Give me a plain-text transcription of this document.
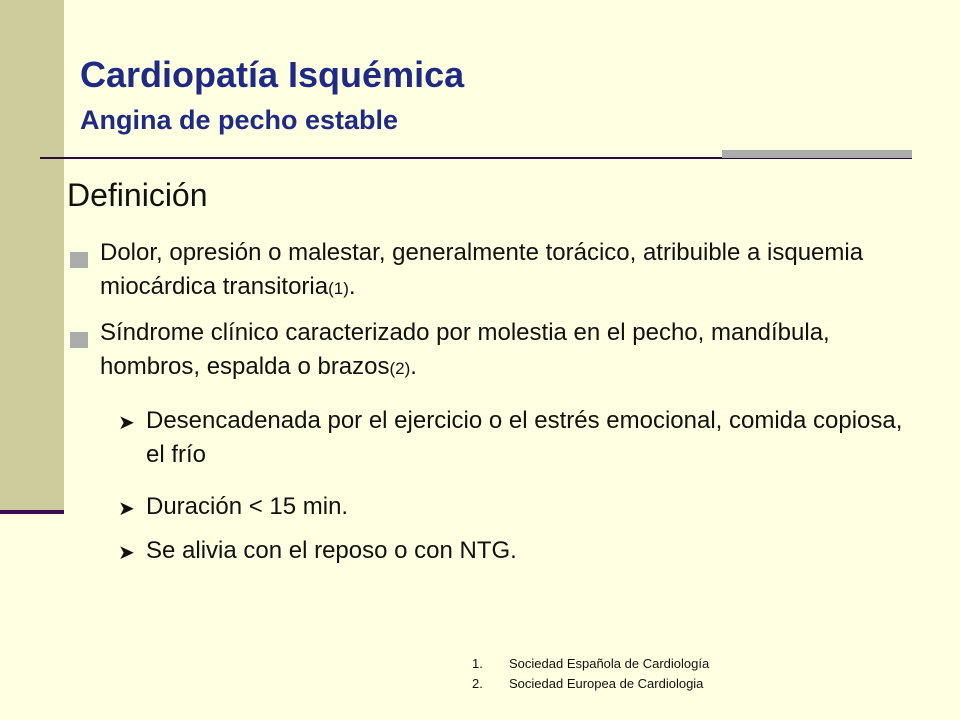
Cardiopatía Isquémica
Angina de pecho estable
Definición
Dolor, opresión o malestar, generalmente torácico, atribuible a isquemia miocárdica transitoria(1).
Síndrome clínico caracterizado por molestia en el pecho, mandíbula, hombros, espalda o brazos(2).
➤ Desencadenada por el ejercicio o el estrés emocional, comida copiosa, el frío
➤ Duración < 15 min.
➤ Se alivia con el reposo o con NTG.
1.	Sociedad Española de Cardiología
2.	Sociedad Europea de Cardiologia
